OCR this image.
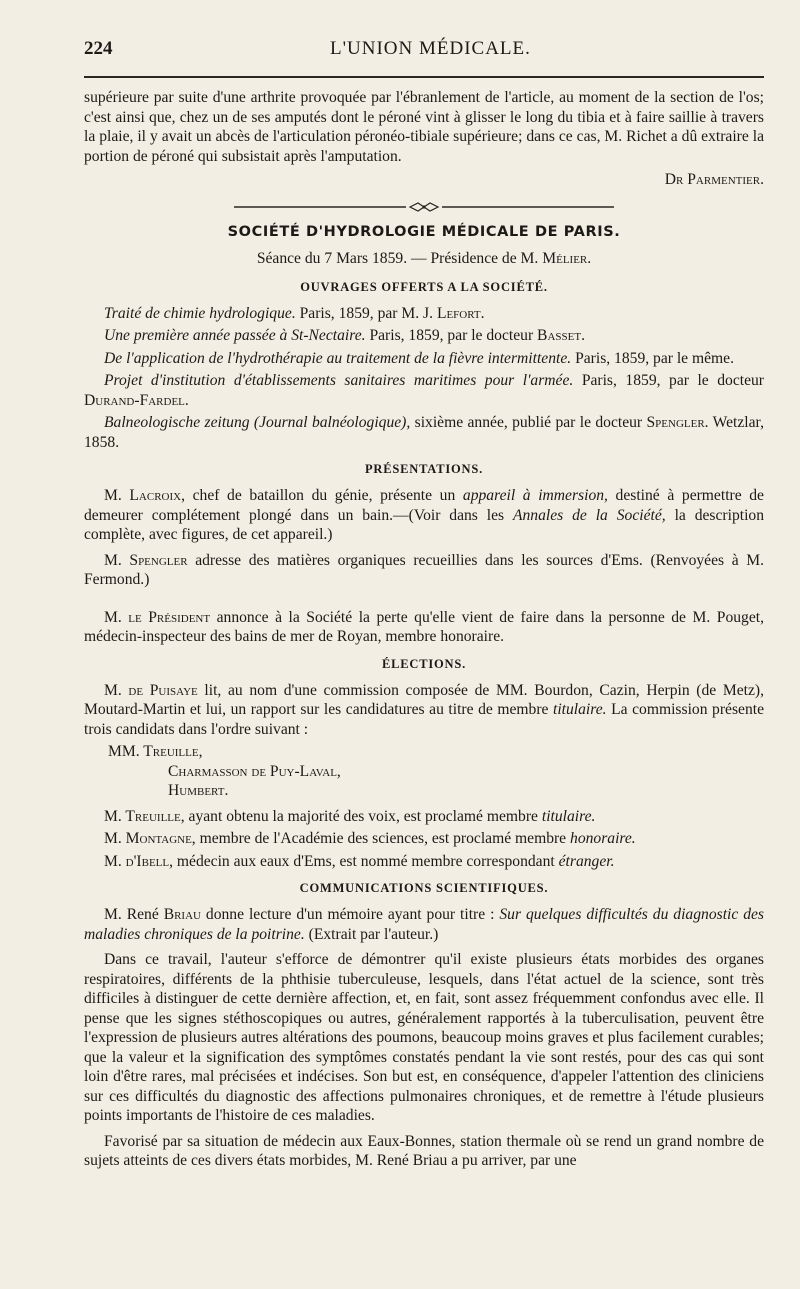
224	L'UNION MÉDICALE.

supérieure par suite d'une arthrite provoquée par l'ébranlement de l'article, au moment de la section de l'os; c'est ainsi que, chez un de ses amputés dont le péroné vint à glisser le long du tibia et à faire saillie à travers la plaie, il y avait un abcès de l'articulation péronéo-tibiale supérieure; dans ce cas, M. Richet a dû extraire la portion de péroné qui subsistait après l'amputation.

Dr Parmentier.

SOCIÉTÉ D'HYDROLOGIE MÉDICALE DE PARIS.
Séance du 7 Mars 1859. — Présidence de M. Mélier.
OUVRAGES OFFERTS A LA SOCIÉTÉ.

Traité de chimie hydrologique. Paris, 1859, par M. J. Lefort.

Une première année passée à St-Nectaire. Paris, 1859, par le docteur Basset.

De l'application de l'hydrothérapie au traitement de la fièvre intermittente. Paris, 1859, par le même.

Projet d'institution d'établissements sanitaires maritimes pour l'armée. Paris, 1859, par le docteur Durand-Fardel.

Balneologische zeitung (Journal balnéologique), sixième année, publié par le docteur Spengler. Wetzlar, 1858.

PRÉSENTATIONS.

M. Lacroix, chef de bataillon du génie, présente un appareil à immersion, destiné à permettre de demeurer complétement plongé dans un bain.—(Voir dans les Annales de la Société, la description complète, avec figures, de cet appareil.)

M. Spengler adresse des matières organiques recueillies dans les sources d'Ems. (Renvoyées à M. Fermond.)

M. le Président annonce à la Société la perte qu'elle vient de faire dans la personne de M. Pouget, médecin-inspecteur des bains de mer de Royan, membre honoraire.

ÉLECTIONS.

M. de Puisaye lit, au nom d'une commission composée de MM. Bourdon, Cazin, Herpin (de Metz), Moutard-Martin et lui, un rapport sur les candidatures au titre de membre titulaire. La commission présente trois candidats dans l'ordre suivant :

MM. Treuille,
Charmasson de Puy-Laval,
Humbert.

M. Treuille, ayant obtenu la majorité des voix, est proclamé membre titulaire.

M. Montagne, membre de l'Académie des sciences, est proclamé membre honoraire.

M. d'Ibell, médecin aux eaux d'Ems, est nommé membre correspondant étranger.

COMMUNICATIONS SCIENTIFIQUES.

M. René Briau donne lecture d'un mémoire ayant pour titre : Sur quelques difficultés du diagnostic des maladies chroniques de la poitrine. (Extrait par l'auteur.)

Dans ce travail, l'auteur s'efforce de démontrer qu'il existe plusieurs états morbides des organes respiratoires, différents de la phthisie tuberculeuse, lesquels, dans l'état actuel de la science, sont très difficiles à distinguer de cette dernière affection, et, en fait, sont assez fréquemment confondus avec elle. Il pense que les signes stéthoscopiques ou autres, généralement rapportés à la tuberculisation, peuvent être l'expression de plusieurs autres altérations des poumons, beaucoup moins graves et plus facilement curables; que la valeur et la signification des symptômes constatés pendant la vie sont restés, pour des cas qui sont loin d'être rares, mal précisées et indécises. Son but est, en conséquence, d'appeler l'attention des cliniciens sur ces difficultés du diagnostic des affections pulmonaires chroniques, et de remettre à l'étude plusieurs points importants de l'histoire de ces maladies.

Favorisé par sa situation de médecin aux Eaux-Bonnes, station thermale où se rend un grand nombre de sujets atteints de ces divers états morbides, M. René Briau a pu arriver, par une
